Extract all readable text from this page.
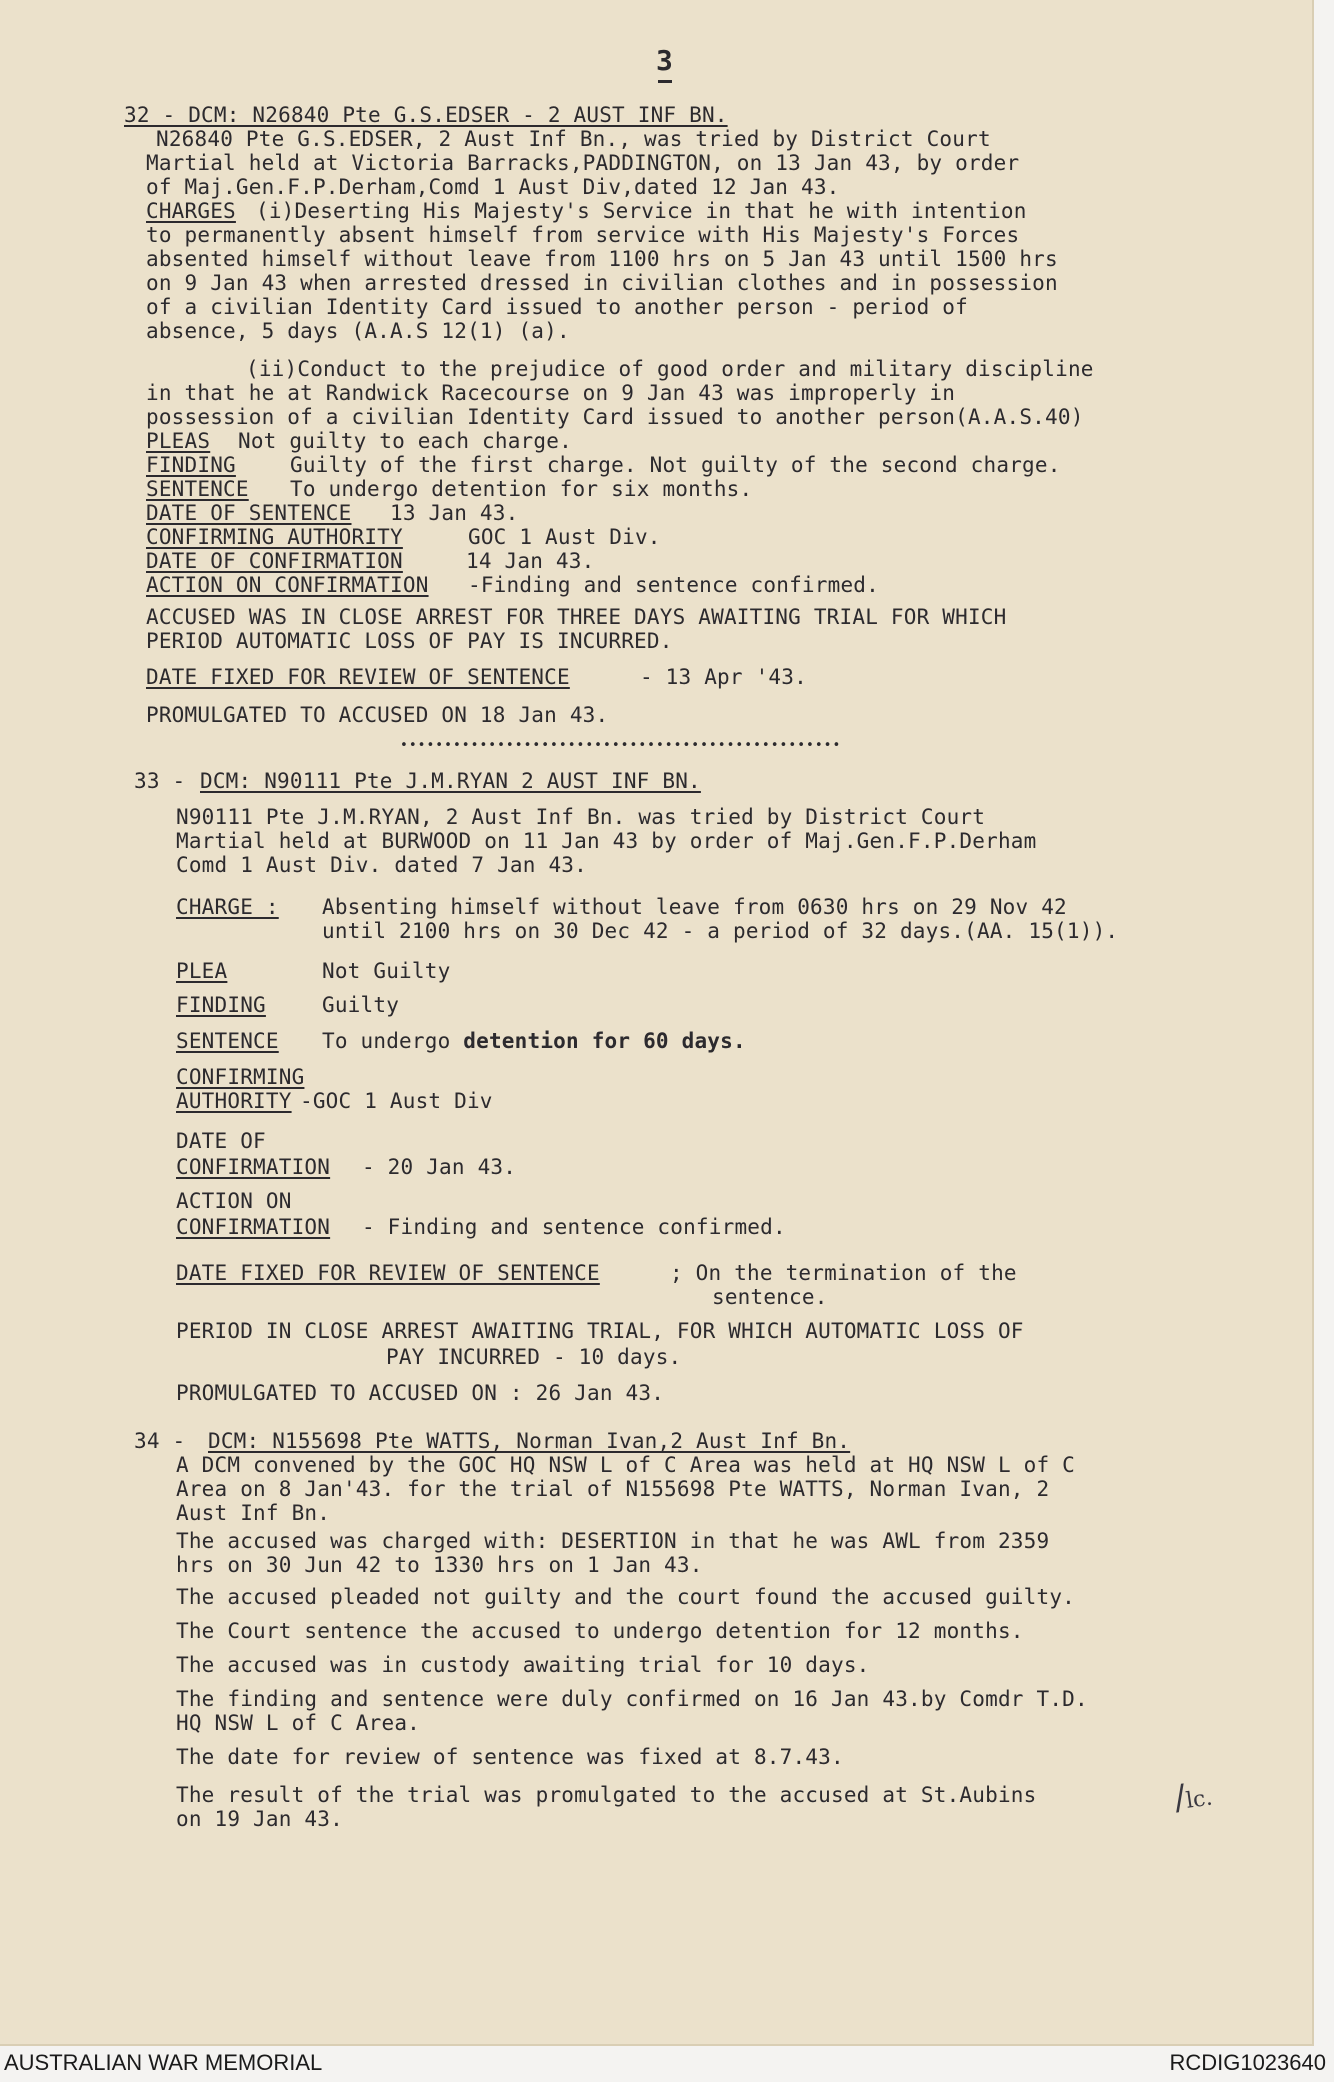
3
32 - DCM: N26840 Pte G.S.EDSER - 2 AUST INF BN.
N26840 Pte G.S.EDSER, 2 Aust Inf Bn., was tried by District Court
Martial held at Victoria Barracks,PADDINGTON, on 13 Jan 43, by order
of Maj.Gen.F.P.Derham,Comd 1 Aust Div,dated 12 Jan 43.
CHARGES (i)Deserting His Majesty's Service in that he with intention
to permanently absent himself from service with His Majesty's Forces
absented himself without leave from 1100 hrs on 5 Jan 43 until 1500 hrs
on 9 Jan 43 when arrested dressed in civilian clothes and in possession
of a civilian Identity Card issued to another person - period of
absence, 5 days (A.A.S 12(1) (a).
(ii)Conduct to the prejudice of good order and military discipline
in that he at Randwick Racecourse on 9 Jan 43 was improperly in
possession of a civilian Identity Card issued to another person(A.A.S.40)
PLEAS Not guilty to each charge.
FINDING	Guilty of the first charge. Not guilty of the second charge.
SENTENCE To undergo detention for six months.
DATE OF SENTENCE 13 Jan 43.
CONFIRMING AUTHORITY	GOC 1 Aust Div.
DATE OF CONFIRMATION	14 Jan 43.
ACTION ON CONFIRMATION -Finding and sentence confirmed.
ACCUSED WAS IN CLOSE ARREST FOR THREE DAYS AWAITING TRIAL FOR WHICH
PERIOD AUTOMATIC LOSS OF PAY IS INCURRED.
DATE FIXED FOR REVIEW OF SENTENCE	- 13 Apr '43.
PROMULGATED TO ACCUSED ON 18 Jan 43.
••••••••••••••••••••••••••••••••••••••••••••••••••
33 - DCM: N90111 Pte J.M.RYAN 2 AUST INF BN.
N90111 Pte J.M.RYAN, 2 Aust Inf Bn. was tried by District Court
Martial held at BURWOOD on 11 Jan 43 by order of Maj.Gen.F.P.Derham
Comd 1 Aust Div. dated 7 Jan 43.
CHARGE : Absenting himself without leave from 0630 hrs on 29 Nov 42
until 2100 hrs on 30 Dec 42 - a period of 32 days.(AA. 15(1)).
PLEA	Not Guilty
FINDING	Guilty
SENTENCE To undergo detention for 60 days.
CONFIRMING
AUTHORITY -GOC 1 Aust Div
DATE OF
CONFIRMATION - 20 Jan 43.
ACTION ON
CONFIRMATION - Finding and sentence confirmed.
DATE FIXED FOR REVIEW OF SENTENCE	; On the termination of the
sentence.
PERIOD IN CLOSE ARREST AWAITING TRIAL, FOR WHICH AUTOMATIC LOSS OF
PAY INCURRED - 10 days.
PROMULGATED TO ACCUSED ON : 26 Jan 43.
34 - DCM: N155698 Pte WATTS, Norman Ivan,2 Aust Inf Bn.
A DCM convened by the GOC HQ NSW L of C Area was held at HQ NSW L of C
Area on 8 Jan'43. for the trial of N155698 Pte WATTS, Norman Ivan, 2
Aust Inf Bn.
The accused was charged with: DESERTION in that he was AWL from 2359
hrs on 30 Jun 42 to 1330 hrs on 1 Jan 43.
The accused pleaded not guilty and the court found the accused guilty.
The Court sentence the accused to undergo detention for 12 months.
The accused was in custody awaiting trial for 10 days.
The finding and sentence were duly confirmed on 16 Jan 43.by Comdr T.D.
HQ NSW L of C Area.
The date for review of sentence was fixed at 8.7.43.
The result of the trial was promulgated to the accused at St.Aubins
on 19 Jan 43.
/lc.
AUSTRALIAN WAR MEMORIAL	RCDIG1023640
